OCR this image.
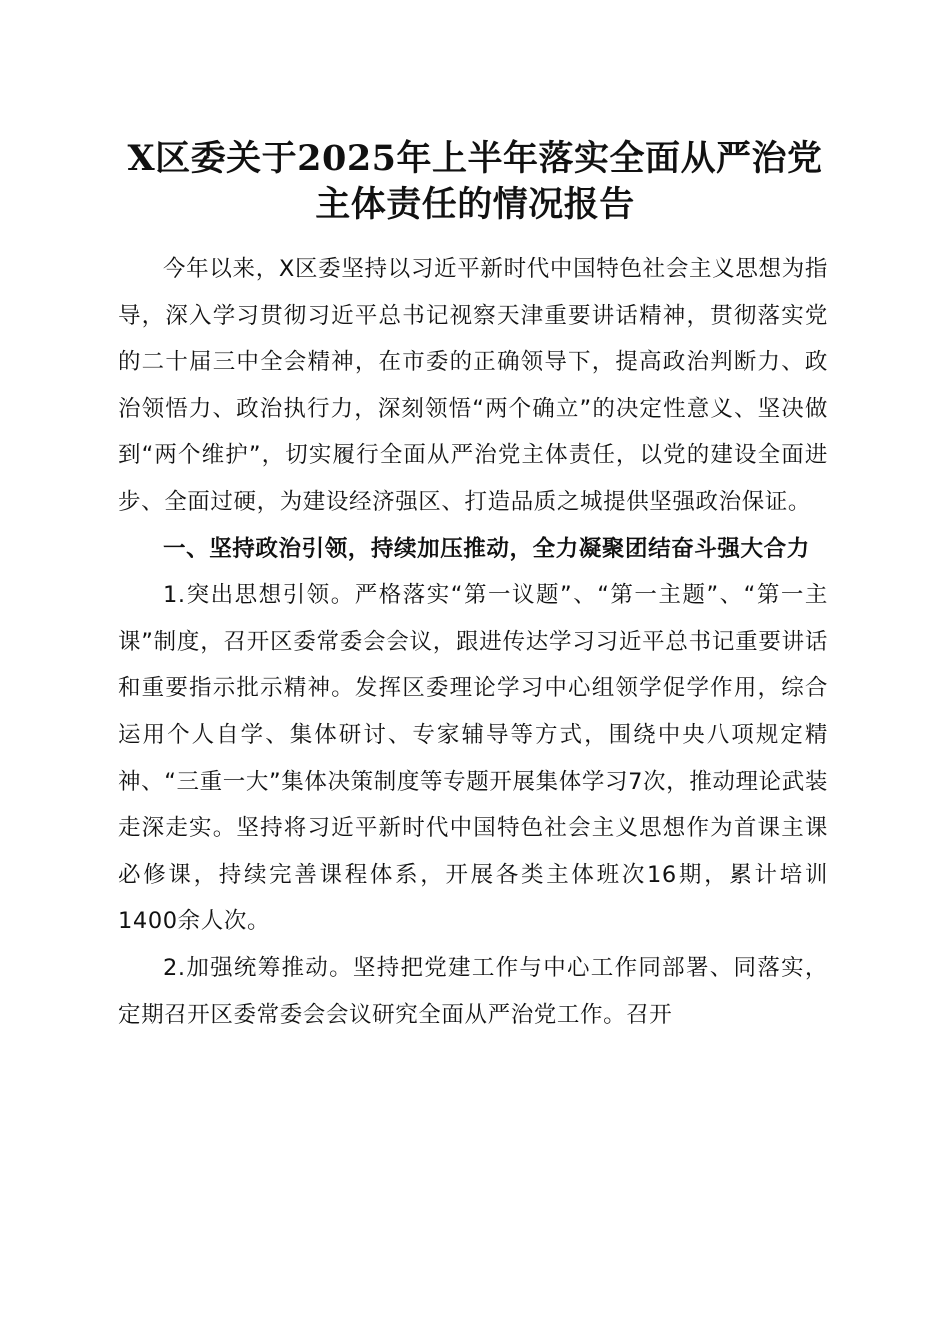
X区委关于2025年上半年落实全面从严治党
主体责任的情况报告

今年以来，X区委坚持以习近平新时代中国特色社会主义思想为指导，深入学习贯彻习近平总书记视察天津重要讲话精神，贯彻落实党的二十届三中全会精神，在市委的正确领导下，提高政治判断力、政治领悟力、政治执行力，深刻领悟“两个确立”的决定性意义、坚决做到“两个维护”，切实履行全面从严治党主体责任，以党的建设全面进步、全面过硬，为建设经济强区、打造品质之城提供坚强政治保证。

一、坚持政治引领，持续加压推动，全力凝聚团结奋斗强大合力

1.突出思想引领。严格落实“第一议题”、“第一主题”、“第一主课”制度，召开区委常委会会议，跟进传达学习习近平总书记重要讲话和重要指示批示精神。发挥区委理论学习中心组领学促学作用，综合运用个人自学、集体研讨、专家辅导等方式，围绕中央八项规定精神、“三重一大”集体决策制度等专题开展集体学习7次，推动理论武装走深走实。坚持将习近平新时代中国特色社会主义思想作为首课主课必修课，持续完善课程体系，开展各类主体班次16期，累计培训1400余人次。

2.加强统筹推动。坚持把党建工作与中心工作同部署、同落实，定期召开区委常委会会议研究全面从严治党工作。召开
